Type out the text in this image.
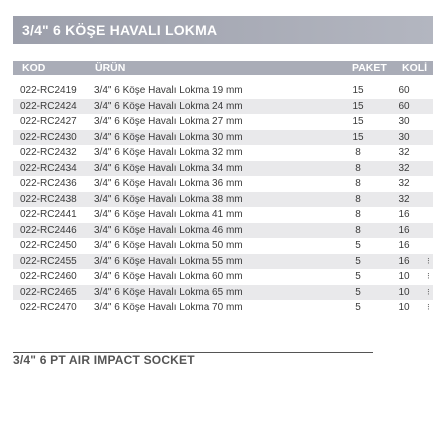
3/4" 6 KÖŞE HAVALI LOKMA
KOD	ÜRÜN	PAKET KOLİ
022-RC2419 3/4" 6 Köşe Havalı Lokma 19 mm	15	60
022-RC2424 3/4" 6 Köşe Havalı Lokma 24 mm	15	60
022-RC2427 3/4" 6 Köşe Havalı Lokma 27 mm	15	30
022-RC2430 3/4" 6 Köşe Havalı Lokma 30 mm	15	30
022-RC2432 3/4" 6 Köşe Havalı Lokma 32 mm	8	32
022-RC2434 3/4" 6 Köşe Havalı Lokma 34 mm	8	32
022-RC2436 3/4" 6 Köşe Havalı Lokma 36 mm	8	32
022-RC2438 3/4" 6 Köşe Havalı Lokma 38 mm	8	32
022-RC2441 3/4" 6 Köşe Havalı Lokma 41 mm	8	16
022-RC2446 3/4" 6 Köşe Havalı Lokma 46 mm	8	16
022-RC2450 3/4" 6 Köşe Havalı Lokma 50 mm	5	16
022-RC2455 3/4" 6 Köşe Havalı Lokma 55 mm	5	16	⁝
022-RC2460 3/4" 6 Köşe Havalı Lokma 60 mm	5	10	⁝
022-RC2465 3/4" 6 Köşe Havalı Lokma 65 mm	5	10	⁝
022-RC2470 3/4" 6 Köşe Havalı Lokma 70 mm	5	10	⁝
3/4" 6 PT AIR IMPACT SOCKET
